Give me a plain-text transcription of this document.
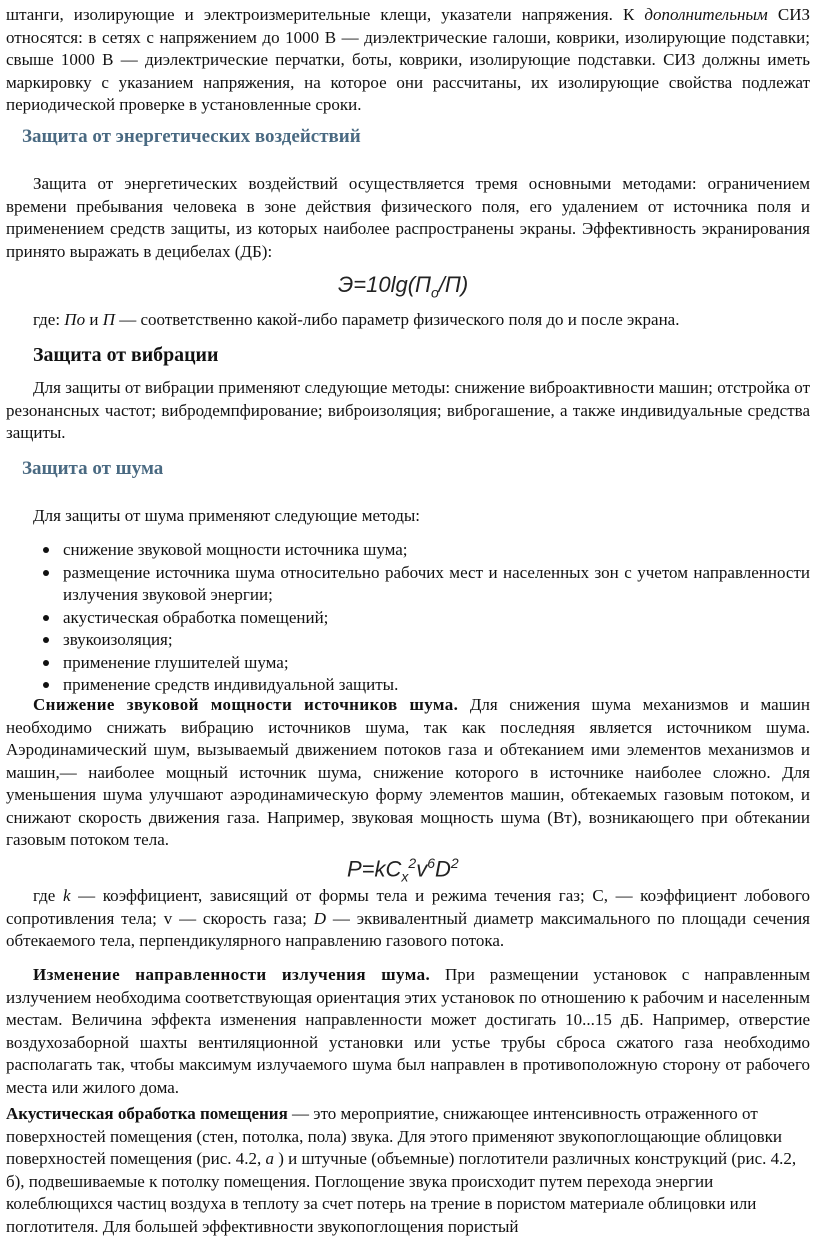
штанги, изолирующие и электроизмерительные клещи, указатели напряжения. К дополнительным СИЗ относятся: в сетях с напряжением до 1000 В — диэлектрические галоши, коврики, изолирующие подставки; свыше 1000 В — диэлектрические перчатки, боты, коврики, изолирующие подставки. СИЗ должны иметь маркировку с указанием напряжения, на которое они рассчитаны, их изолирующие свойства подлежат периодической проверке в установленные сроки.

Защита от энергетических воздействий

Защита от энергетических воздействий осуществляется тремя основными методами: ограничением времени пребывания человека в зоне действия физического поля, его удалением от источника поля и применением средств защиты, из которых наиболее распространены экраны. Эффективность экранирования принято выражать в децибелах (ДБ):

$Э=10\lg(П_о/П)$

где: По и П — соответственно какой-либо параметр физического поля до и после экрана.

Защита от вибрации

Для защиты от вибрации применяют следующие методы: снижение виброактивности машин; отстройка от резонансных частот; вибродемпфирование; виброизоляция; виброгашение, а также индивидуальные средства защиты.

Защита от шума

Для защиты от шума применяют следующие методы:

снижение звуковой мощности источника шума;
размещение источника шума относительно рабочих мест и населенных зон с учетом направленности излучения звуковой энергии;
акустическая обработка помещений;
звукоизоляция;
применение глушителей шума;
применение средств индивидуальной защиты.

Снижение звуковой мощности источников шума. Для снижения шума механизмов и машин необходимо снижать вибрацию источников шума, так как последняя является источником шума. Аэродинамический шум, вызываемый движением потоков газа и обтеканием ими элементов механизмов и машин,— наиболее мощный источник шума, снижение которого в источнике наиболее сложно. Для уменьшения шума улучшают аэродинамическую форму элементов машин, обтекаемых газовым потоком, и снижают скорость движения газа. Например, звуковая мощность шума (Вт), возникающего при обтекании газовым потоком тела.

$P=kC_x^2v^6D^2$

где k — коэффициент, зависящий от формы тела и режима течения газ; С, — коэффициент лобового сопротивления тела; v — скорость газа; D — эквивалентный диаметр максимального по площади сечения обтекаемого тела, перпендикулярного направлению газового потока.

Изменение направленности излучения шума. При размещении установок с направленным излучением необходима соответствующая ориентация этих установок по отношению к рабочим и населенным местам. Величина эффекта изменения направленности может достигать 10...15 дБ. Например, отверстие воздухозаборной шахты вентиляционной установки или устье трубы сброса сжатого газа необходимо располагать так, чтобы максимум излучаемого шума был направлен в противоположную сторону от рабочего места или жилого дома.

Акустическая обработка помещения — это мероприятие, снижающее интенсивность отраженного от поверхностей помещения (стен, потолка, пола) звука. Для этого применяют звукопоглощающие облицовки поверхностей помещения (рис. 4.2, а ) и штучные (объемные) поглотители различных конструкций (рис. 4.2, б), подвешиваемые к потолку помещения. Поглощение звука происходит путем перехода энергии колеблющихся частиц воздуха в теплоту за счет потерь на трение в пористом материале облицовки или поглотителя. Для большей эффективности звукопоглощения пористый
